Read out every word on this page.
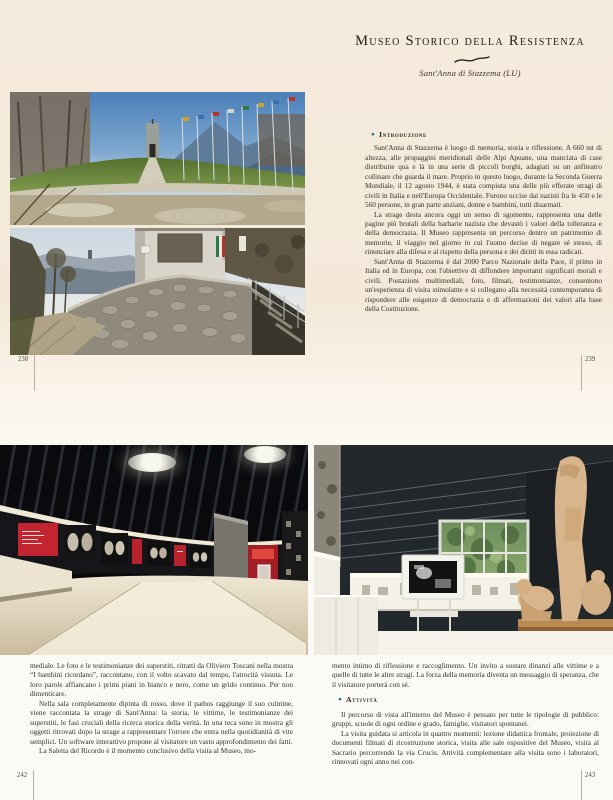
Museo Storico della Resistenza
Sant'Anna di Stazzema (LU)
● Introduzione

Sant'Anna di Stazzema è luogo di memoria, storia e riflessione. A 660 mt di altezza, alle propaggini meridionali delle Alpi Apuane, una manciata di case distribuite qua e là in una serie di piccoli borghi, adagiati su un anfiteatro collinare che guarda il mare. Proprio in questo luogo, durante la Seconda Guerra Mondiale, il 12 agosto 1944, è stata compiuta una delle più efferate stragi di civili in Italia e nell'Europa Occidentale. Furono uccise dai nazisti fra le 450 e le 560 persone, in gran parte anziani, donne e bambini, tutti disarmati.

La strage desta ancora oggi un senso di sgomento, rappresenta una delle pagine più brutali della barbarie nazista che devastò i valori della tolleranza e della democrazia. Il Museo rappresenta un percorso dentro un patrimonio di memorie, il viaggio nel giorno in cui l'uomo decise di negare sé stesso, di rinunciare alla difesa e al rispetto della persona e dei diritti in essa radicati.

Sant'Anna di Stazzema è dal 2000 Parco Nazionale della Pace, il primo in Italia ed in Europa, con l'obiettivo di diffondere importanti significati morali e civili. Postazioni multimediali, foto, filmati, testimonianze, consentono un'esperienza di visita stimolante e si collegano alla necessità contemporanea di rispondere alle esigenze di democrazia e di affermazioni dei valori alla base della Costituzione.

238	239

mediale. Le foto e le testimonianze dei superstiti, ritratti da Oliviero Toscani nella mostra “I bambini ricordano”, raccontano, con il volto scavato dal tempo, l'atrocità vissuta. Le loro parole affiancano i primi piani in bianco e nero, come un grido continuo. Per non dimenticare.

Nella sala completamente dipinta di rosso, dove il pathos raggiunge il suo culmine, viene raccontata la strage di Sant'Anna: la storia, le vittime, le testimonianze dei superstiti, le fasi cruciali della ricerca storica della verità. In una teca sono in mostra gli oggetti ritrovati dopo la strage a rappresentare l'orrore che entra nella quotidianità di vite semplici. Un software interattivo propone al visitatore un vasto approfondimento dei fatti.

La Saletta del Ricordo è il momento conclusivo della visita al Museo, mo-

mento intimo di riflessione e raccoglimento. Un invito a sostare dinanzi alle vittime e a quelle di tutte le altre stragi. La forza della memoria diventa un messaggio di speranza, che il visitatore porterà con sé.

● Attività

Il percorso di vista all'interno del Museo è pensato per tutte le tipologie di pubblico: gruppi, scuole di ogni ordine e grado, famiglie, visitatori spontanei.

La visita guidata si articola in quattro momenti: lezione didattica frontale, proiezione di documenti filmati di ricostruzione storica, visita alle sale espositive del Museo, visita al Sacrario percorrendo la via Crucis. Attività complementare alla visita sono i laboratori, rinnovati ogni anno nei con-

242	243
